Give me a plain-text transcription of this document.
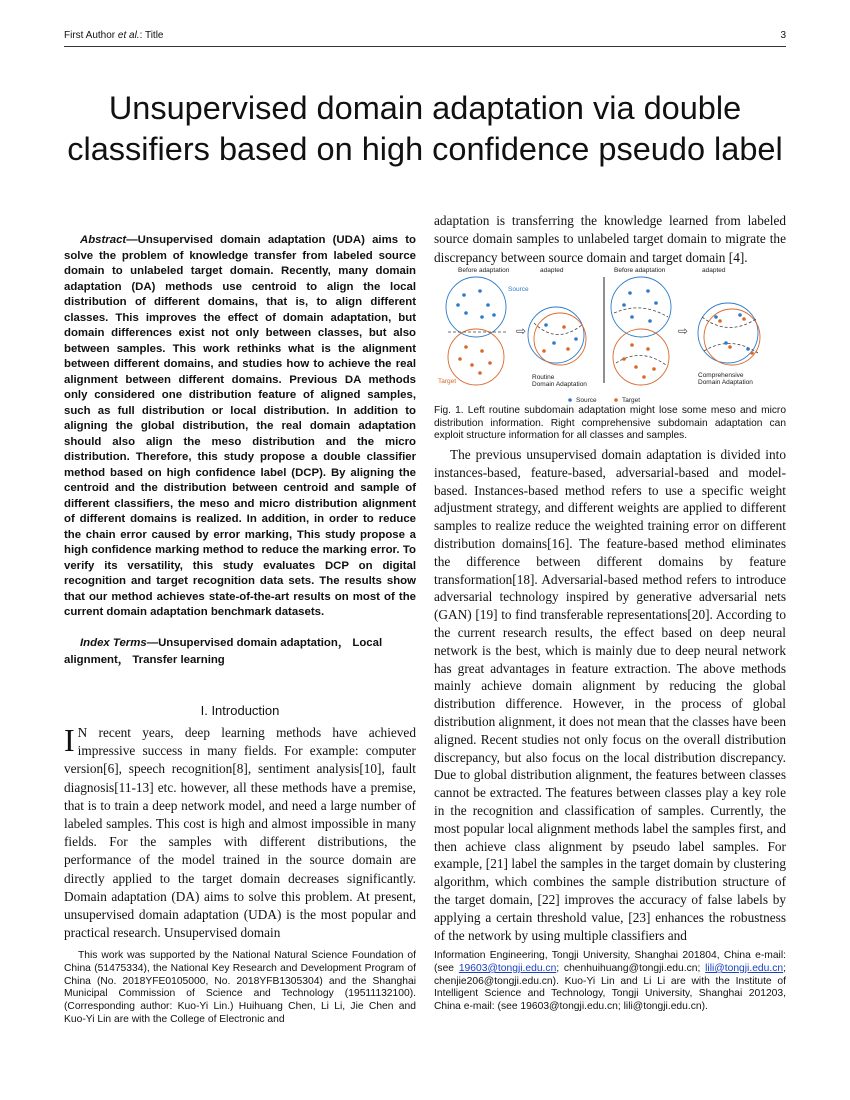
First Author et al.: Title	3
Unsupervised domain adaptation via double classifiers based on high confidence pseudo label

Abstract—Unsupervised domain adaptation (UDA) aims to solve the problem of knowledge transfer from labeled source domain to unlabeled target domain. Recently, many domain adaptation (DA) methods use centroid to align the local distribution of different domains, that is, to align different classes. This improves the effect of domain adaptation, but domain differences exist not only between classes, but also between samples. This work rethinks what is the alignment between different domains, and studies how to achieve the real alignment between different domains. Previous DA methods only considered one distribution feature of aligned samples, such as full distribution or local distribution. In addition to aligning the global distribution, the real domain adaptation should also align the meso distribution and the micro distribution. Therefore, this study propose a double classifier method based on high confidence label (DCP). By aligning the centroid and the distribution between centroid and sample of different classifiers, the meso and micro distribution alignment of different domains is realized. In addition, in order to reduce the chain error caused by error marking, This study propose a high confidence marking method to reduce the marking error. To verify its versatility, this study evaluates DCP on digital recognition and target recognition data sets. The results show that our method achieves state-of-the-art results on most of the current domain adaptation benchmark datasets.

Index Terms—Unsupervised domain adaptation， Local alignment， Transfer learning

I. Introduction

I N recent years, deep learning methods have achieved impressive success in many fields. For example: computer version[6], speech recognition[8], sentiment analysis[10], fault diagnosis[11-13] etc. however, all these methods have a premise, that is to train a deep network model, and need a large number of labeled samples. This cost is high and almost impossible in many fields. For the samples with different distributions, the performance of the model trained in the source domain are directly applied to the target domain decreases significantly. Domain adaptation (DA) aims to solve this problem. At present, unsupervised domain adaptation (UDA) is the most popular and practical research. Unsupervised domain

adaptation is transferring the knowledge learned from labeled source domain samples to unlabeled target domain to migrate the discrepancy between source domain and target domain [4].

Before adaptation	adapted	Before adaptation	adapted
Source
Target
Routine
Domain Adaptation
Comprehensive
Domain Adaptation
Source	Target
⇨	⇨

Fig. 1. Left routine subdomain adaptation might lose some meso and micro distribution information. Right comprehensive subdomain adaptation can exploit structure information for all classes and samples.

The previous unsupervised domain adaptation is divided into instances-based, feature-based, adversarial-based and model-based. Instances-based method refers to use a specific weight adjustment strategy, and different weights are applied to different samples to realize reduce the weighted training error on different distribution domains[16]. The feature-based method eliminates the difference between different domains by feature transformation[18]. Adversarial-based method refers to introduce adversarial technology inspired by generative adversarial nets (GAN) [19] to find transferable representations[20]. According to the current research results, the effect based on deep neural network is the best, which is mainly due to deep neural network has great advantages in feature extraction. The above methods mainly achieve domain alignment by reducing the global distribution difference. However, in the process of global distribution alignment, it does not mean that the classes have been aligned. Recent studies not only focus on the overall distribution discrepancy, but also focus on the local distribution discrepancy. Due to global distribution alignment, the features between classes cannot be extracted. The features between classes play a key role in the recognition and classification of samples. Currently, the most popular local alignment methods label the samples first, and then achieve class alignment by pseudo label samples. For example, [21] label the samples in the target domain by clustering algorithm, which combines the sample distribution structure of the target domain, [22] improves the accuracy of false labels by applying a certain threshold value, [23] enhances the robustness of the network by using multiple classifiers and

This work was supported by the National Natural Science Foundation of China (51475334), the National Key Research and Development Program of China (No. 2018YFE0105000, No. 2018YFB1305304) and the Shanghai Municipal Commission of Science and Technology (19511132100). (Corresponding author: Kuo-Yi Lin.) Huihuang Chen, Li Li, Jie Chen and Kuo-Yi Lin are with the College of Electronic and

Information Engineering, Tongji University, Shanghai 201804, China e-mail: (see 19603@tongji.edu.cn; chenhuihuang@tongji.edu.cn; lili@tongji.edu.cn; chenjie206@tongji.edu.cn). Kuo-Yi Lin and Li Li are with the Institute of Intelligent Science and Technology, Tongji University, Shanghai 201203, China e-mail: (see 19603@tongji.edu.cn; lili@tongji.edu.cn).
